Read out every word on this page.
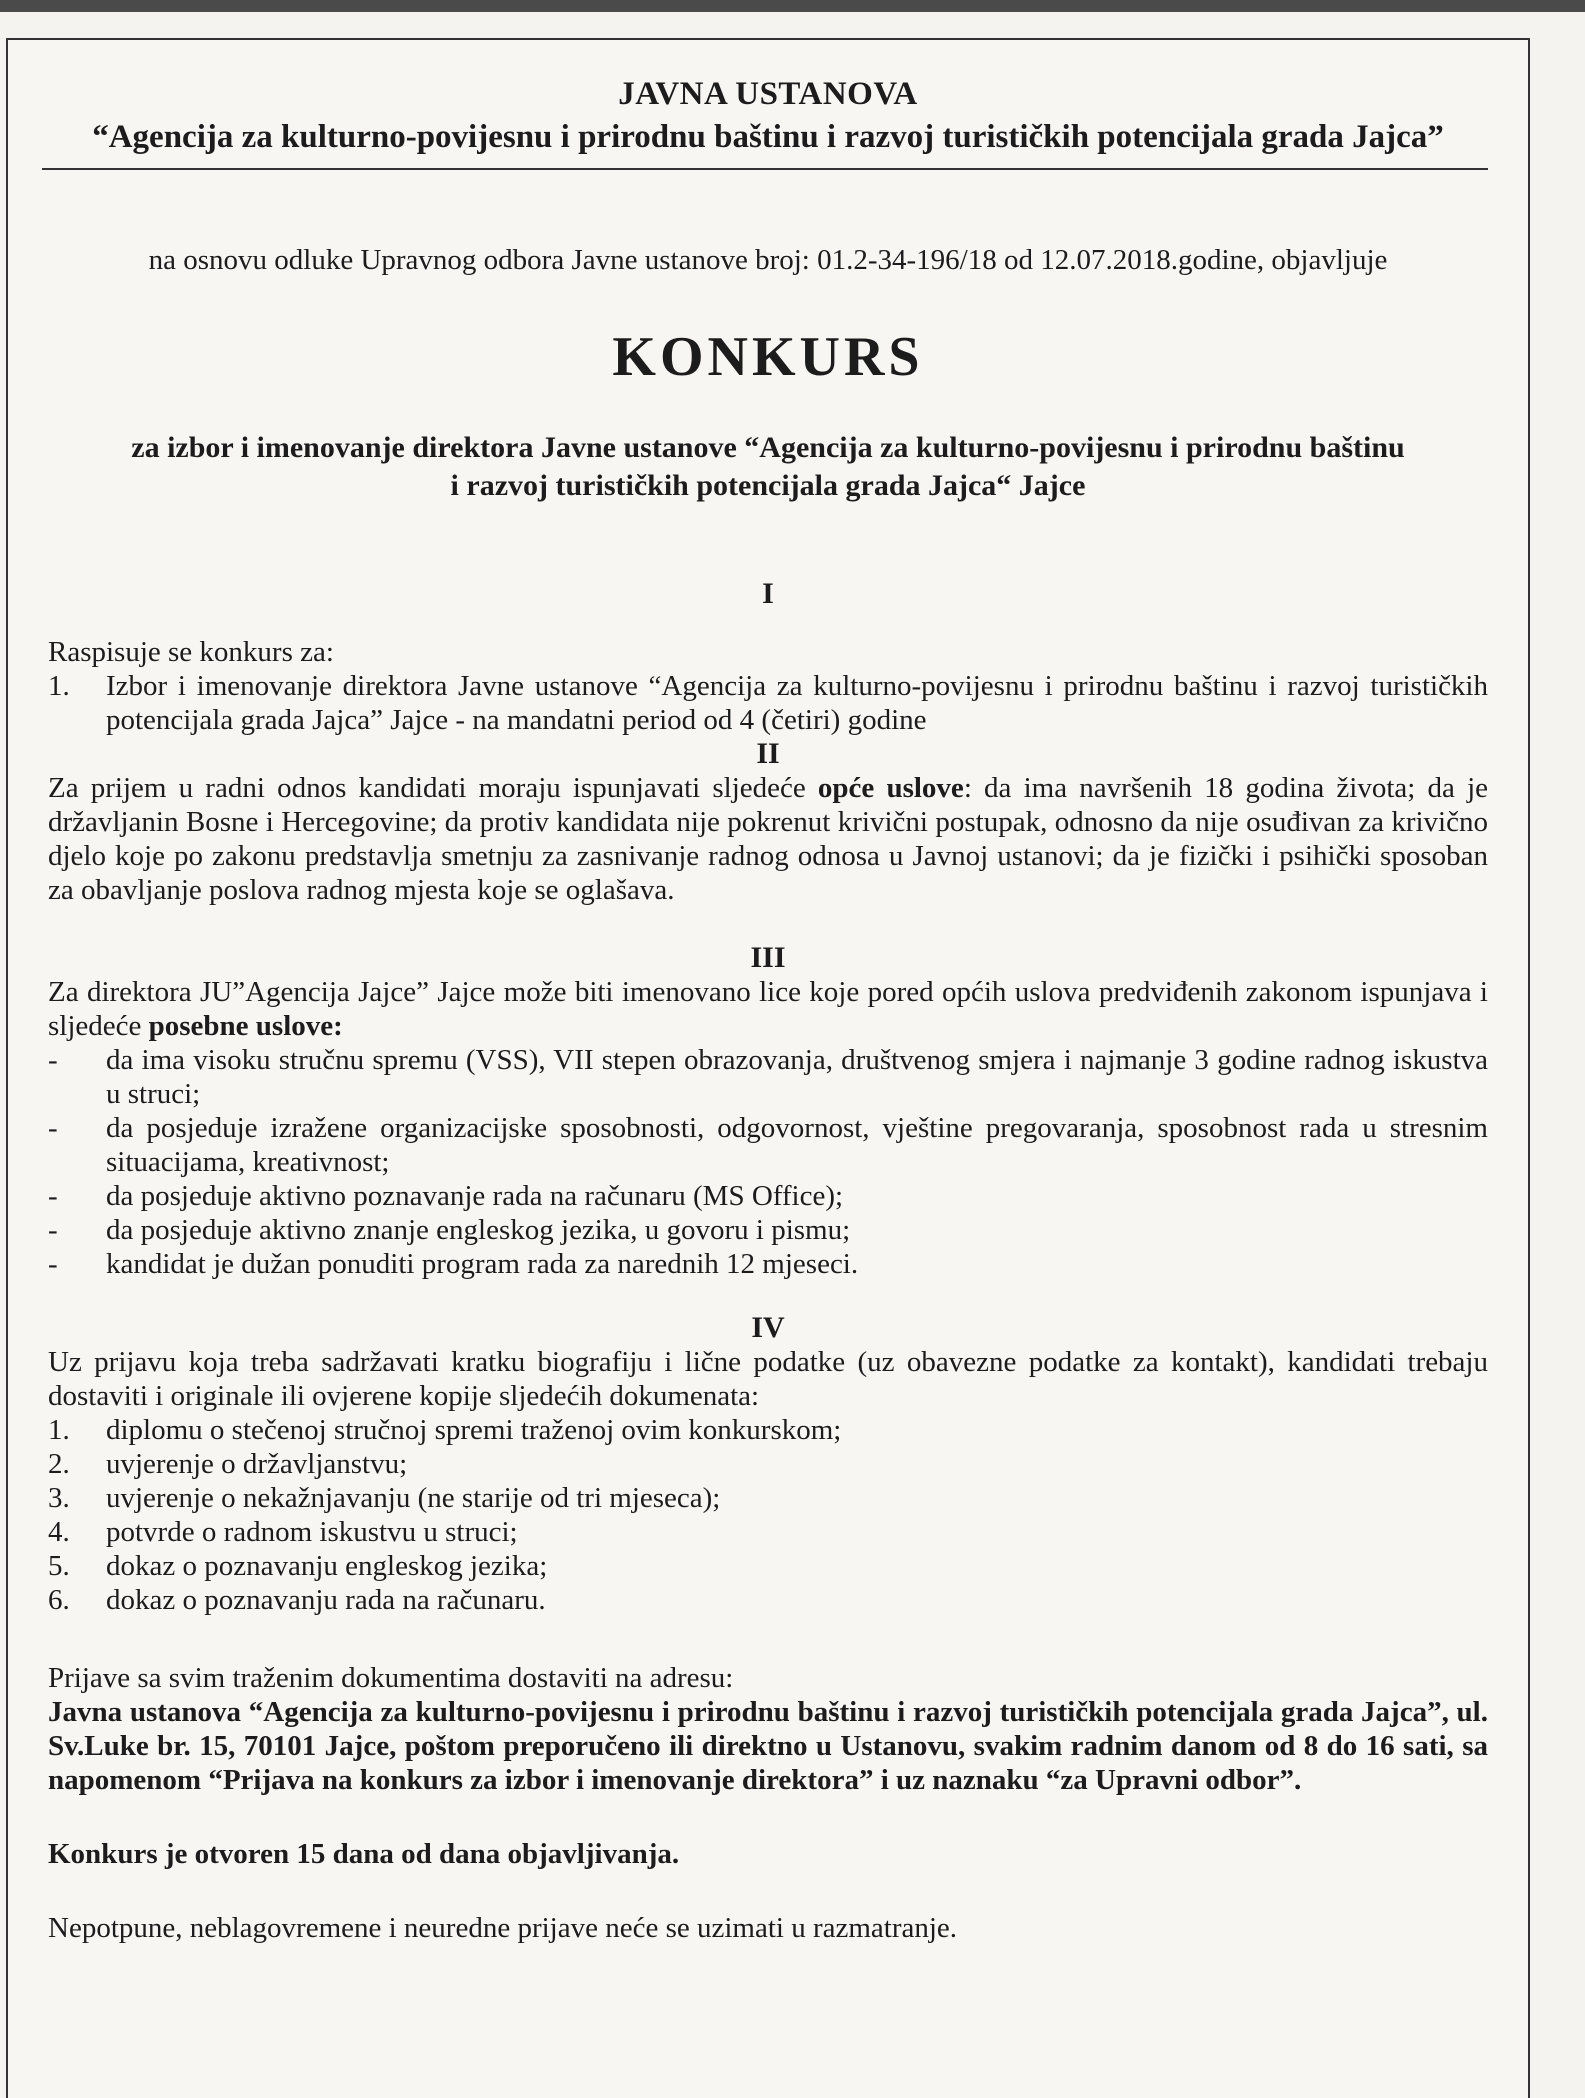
JAVNA USTANOVA
“Agencija za kulturno-povijesnu i prirodnu baštinu i razvoj turističkih potencijala grada Jajca”
na osnovu odluke Upravnog odbora Javne ustanove broj: 01.2-34-196/18 od 12.07.2018.godine, objavljuje
KONKURS
za izbor i imenovanje direktora Javne ustanove “Agencija za kulturno-povijesnu i prirodnu baštinu
i razvoj turističkih potencijala grada Jajca“ Jajce
I
Raspisuje se konkurs za:
1.	Izbor i imenovanje direktora Javne ustanove “Agencija za kulturno-povijesnu i prirodnu baštinu i razvoj turističkih potencijala grada Jajca” Jajce - na mandatni period od 4 (četiri) godine
II
Za prijem u radni odnos kandidati moraju ispunjavati sljedeće opće uslove: da ima navršenih 18 godina života; da je državljanin Bosne i Hercegovine; da protiv kandidata nije pokrenut krivični postupak, odnosno da nije osuđivan za krivično djelo koje po zakonu predstavlja smetnju za zasnivanje radnog odnosa u Javnoj ustanovi; da je fizički i psihički sposoban za obavljanje poslova radnog mjesta koje se oglašava.
III
Za direktora JU”Agencija Jajce” Jajce može biti imenovano lice koje pored općih uslova predviđenih zakonom ispunjava i sljedeće posebne uslove:
-	da ima visoku stručnu spremu (VSS), VII stepen obrazovanja, društvenog smjera i najmanje 3 godine radnog iskustva u struci;
-	da posjeduje izražene organizacijske sposobnosti, odgovornost, vještine pregovaranja, sposobnost rada u stresnim situacijama, kreativnost;
-	da posjeduje aktivno poznavanje rada na računaru (MS Office);
-	da posjeduje aktivno znanje engleskog jezika, u govoru i pismu;
-	kandidat je dužan ponuditi program rada za narednih 12 mjeseci.
IV
Uz prijavu koja treba sadržavati kratku biografiju i lične podatke (uz obavezne podatke za kontakt), kandidati trebaju dostaviti i originale ili ovjerene kopije sljedećih dokumenata:
1.	diplomu o stečenoj stručnoj spremi traženoj ovim konkurskom;
2.	uvjerenje o državljanstvu;
3.	uvjerenje o nekažnjavanju (ne starije od tri mjeseca);
4.	potvrde o radnom iskustvu u struci;
5.	dokaz o poznavanju engleskog jezika;
6.	dokaz o poznavanju rada na računaru.
Prijave sa svim traženim dokumentima dostaviti na adresu:
Javna ustanova “Agencija za kulturno-povijesnu i prirodnu baštinu i razvoj turističkih potencijala grada Jajca”, ul. Sv.Luke br. 15, 70101 Jajce, poštom preporučeno ili direktno u Ustanovu, svakim radnim danom od 8 do 16 sati, sa napomenom “Prijava na konkurs za izbor i imenovanje direktora” i uz naznaku “za Upravni odbor”.
Konkurs je otvoren 15 dana od dana objavljivanja.
Nepotpune, neblagovremene i neuredne prijave neće se uzimati u razmatranje.
